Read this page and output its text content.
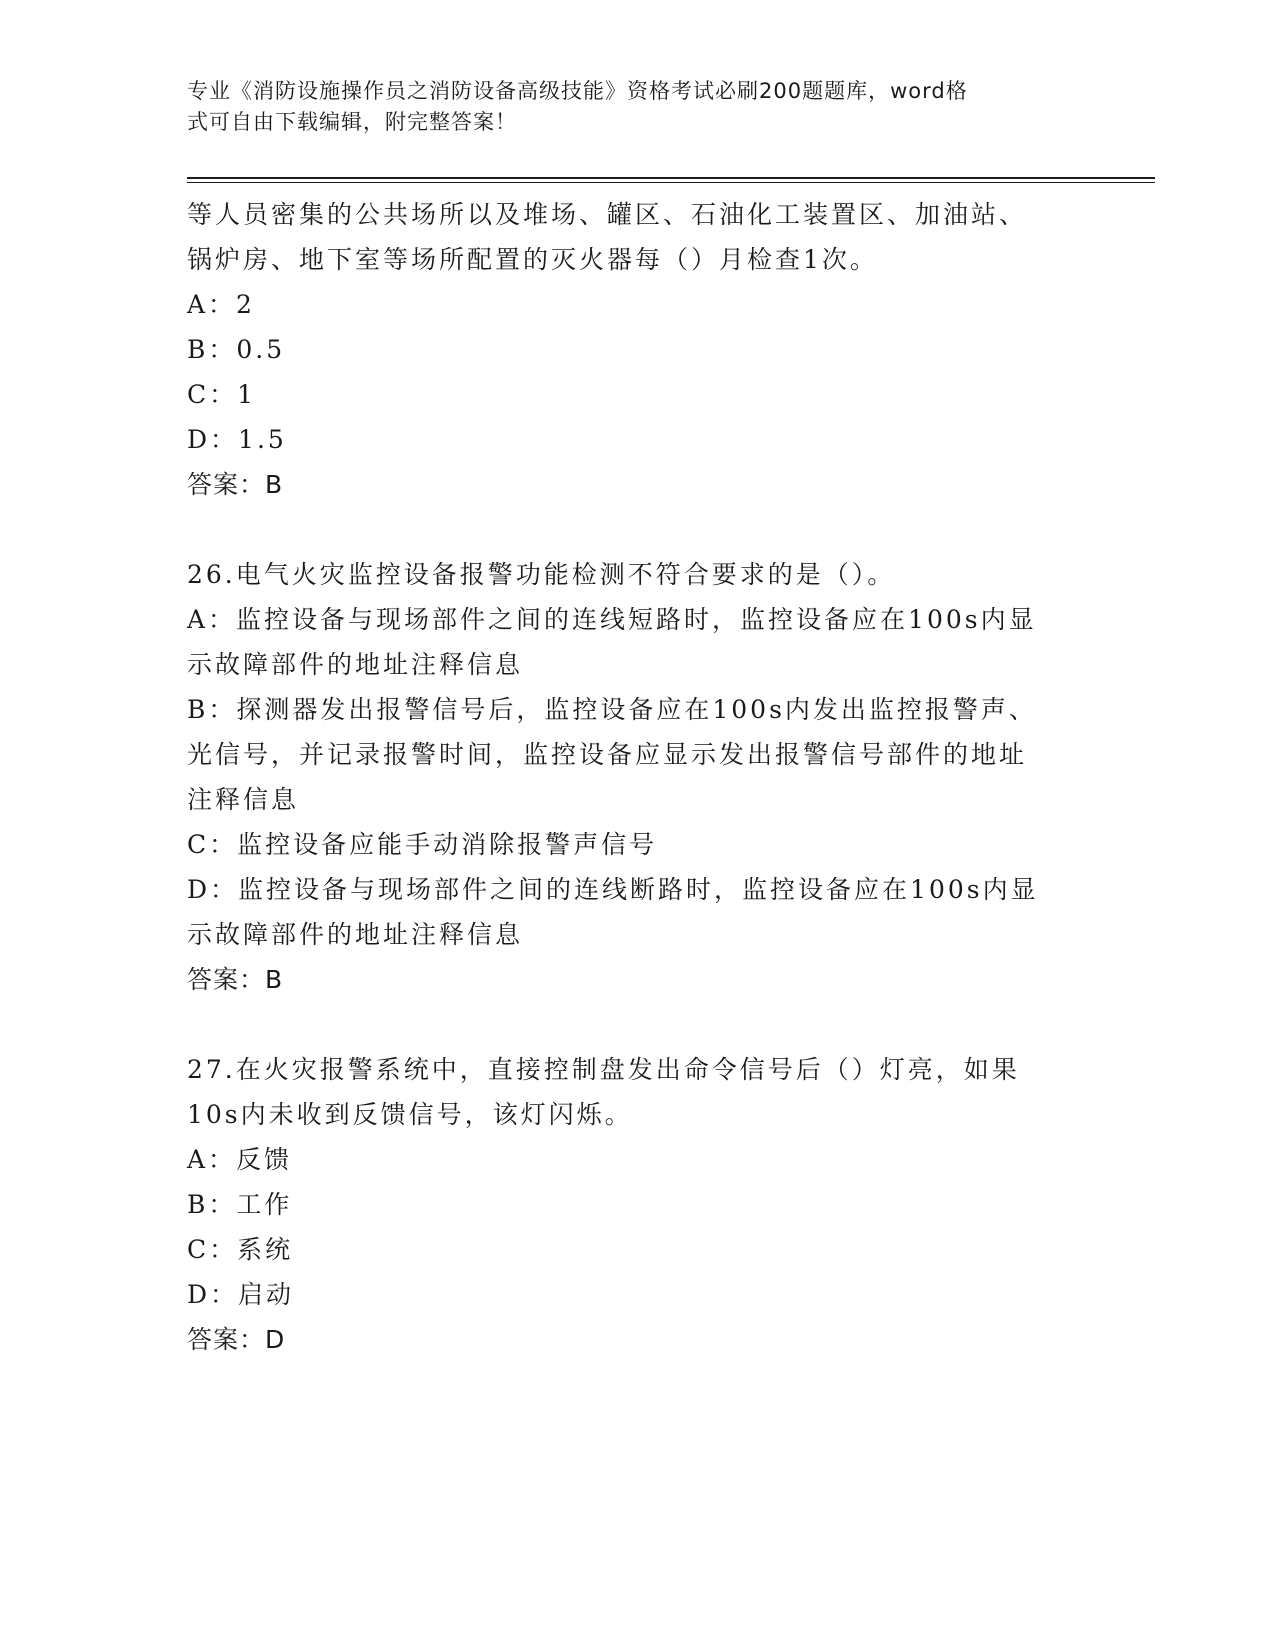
专业《消防设施操作员之消防设备高级技能》资格考试必刷200题题库，word格
式可自由下载编辑，附完整答案！
等人员密集的公共场所以及堆场、罐区、石油化工装置区、加油站、
锅炉房、地下室等场所配置的灭火器每（）月检查1次。
A：2
B：0.5
C：1
D：1.5
答案：B
26.电气火灾监控设备报警功能检测不符合要求的是（）。
A：监控设备与现场部件之间的连线短路时，监控设备应在100s内显
示故障部件的地址注释信息
B：探测器发出报警信号后，监控设备应在100s内发出监控报警声、
光信号，并记录报警时间，监控设备应显示发出报警信号部件的地址
注释信息
C：监控设备应能手动消除报警声信号
D：监控设备与现场部件之间的连线断路时，监控设备应在100s内显
示故障部件的地址注释信息
答案：B
27.在火灾报警系统中，直接控制盘发出命令信号后（）灯亮，如果
10s内未收到反馈信号，该灯闪烁。
A：反馈
B：工作
C：系统
D：启动
答案：D
